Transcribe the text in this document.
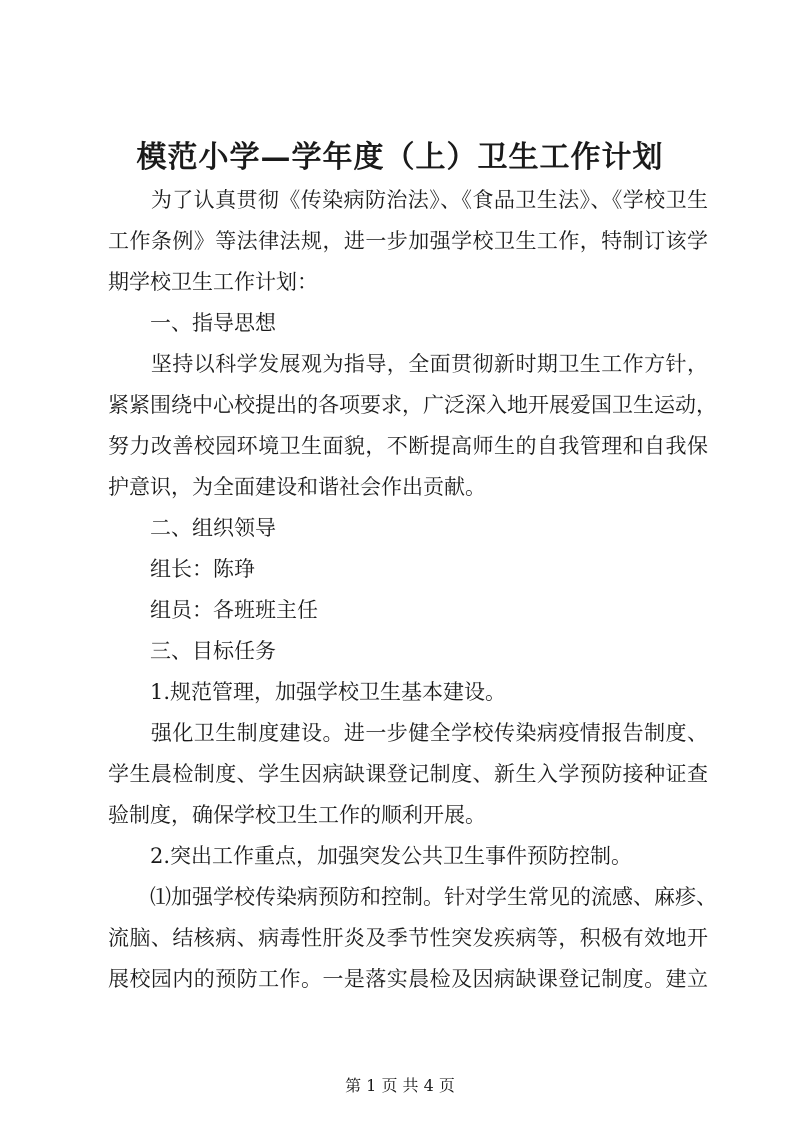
模范小学—学年度（上）卫生工作计划

　　为了认真贯彻《传染病防治法》、《食品卫生法》、《学校卫生

工作条例》等法律法规，进一步加强学校卫生工作，特制订该学

期学校卫生工作计划：

　　一、指导思想

　　坚持以科学发展观为指导，全面贯彻新时期卫生工作方针，

紧紧围绕中心校提出的各项要求，广泛深入地开展爱国卫生运动，

努力改善校园环境卫生面貌，不断提高师生的自我管理和自我保

护意识，为全面建设和谐社会作出贡献。

　　二、组织领导

　　组长：陈琤

　　组员：各班班主任

　　三、目标任务

　　1.规范管理，加强学校卫生基本建设。

　　强化卫生制度建设。进一步健全学校传染病疫情报告制度、

学生晨检制度、学生因病缺课登记制度、新生入学预防接种证查

验制度，确保学校卫生工作的顺利开展。

　　2.突出工作重点，加强突发公共卫生事件预防控制。

　　⑴加强学校传染病预防和控制。针对学生常见的流感、麻疹、

流脑、结核病、病毒性肝炎及季节性突发疾病等，积极有效地开

展校园内的预防工作。一是落实晨检及因病缺课登记制度。建立

第 1 页 共 4 页
